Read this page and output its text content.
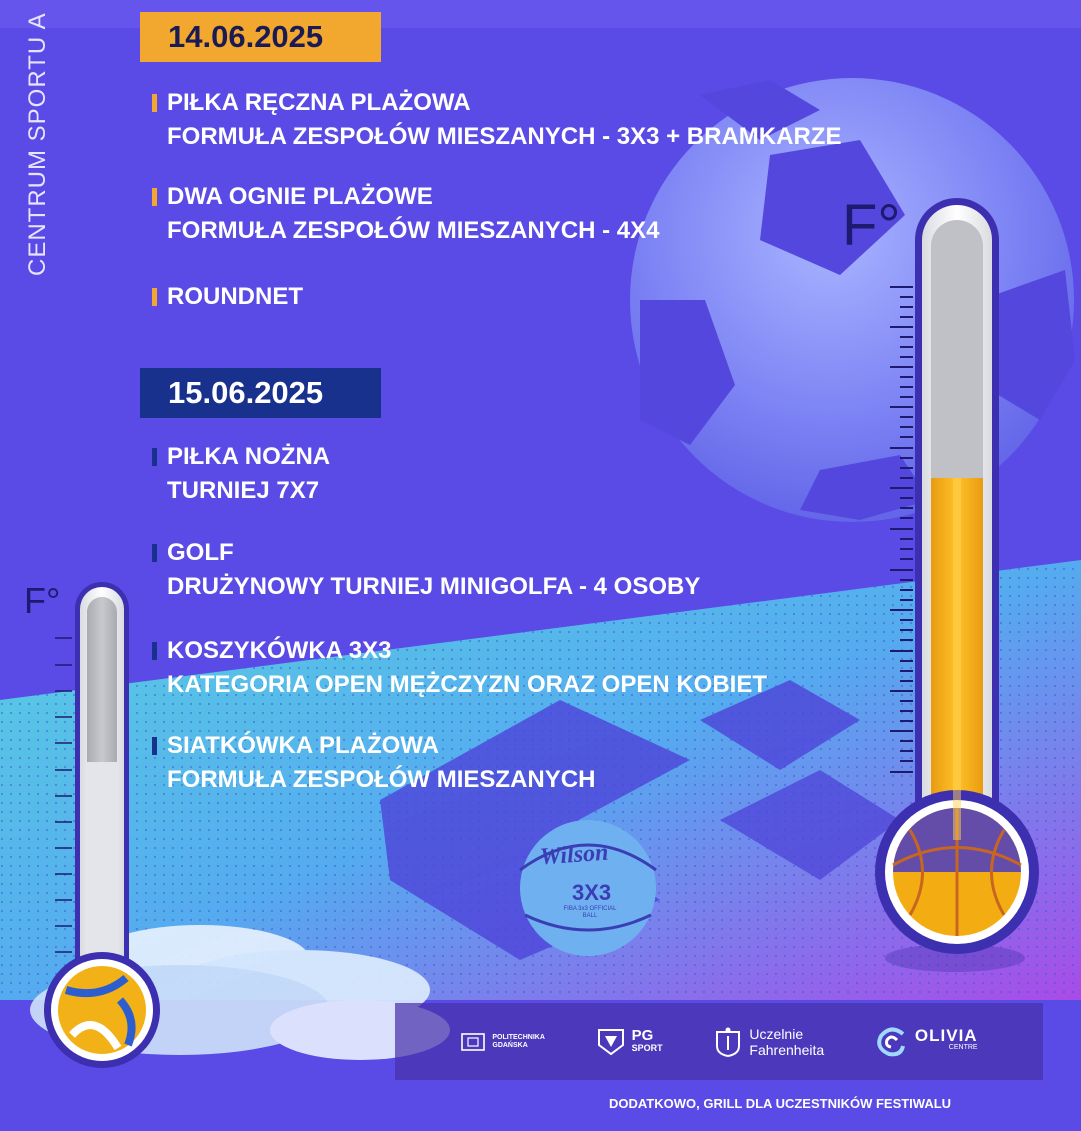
CENTRUM SPORTU A	14.06.2025
PIŁKA RĘCZNA PLAŻOWA
FORMUŁA ZESPOŁÓW MIESZANYCH - 3X3 + BRAMKARZE
DWA OGNIE PLAŻOWE
FORMUŁA ZESPOŁÓW MIESZANYCH - 4X4
ROUNDNET
15.06.2025
PIŁKA NOŻNA
TURNIEJ 7X7
GOLF
DRUŻYNOWY TURNIEJ MINIGOLFA - 4 OSOBY
KOSZYKÓWKA 3X3
KATEGORIA OPEN MĘŻCZYZN ORAZ OPEN KOBIET
SIATKÓWKA PLAŻOWA
FORMUŁA ZESPOŁÓW MIESZANYCH
F°
F°
Wilson
3X3
FIBA 3x3 OFFICIAL BALL
POLITECHNIKA
GDAŃSKA
PG
SPORT
Uczelnie
Fahrenheita
OLIVIA
CENTRE
DODATKOWO, GRILL DLA UCZESTNIKÓW FESTIWALU
